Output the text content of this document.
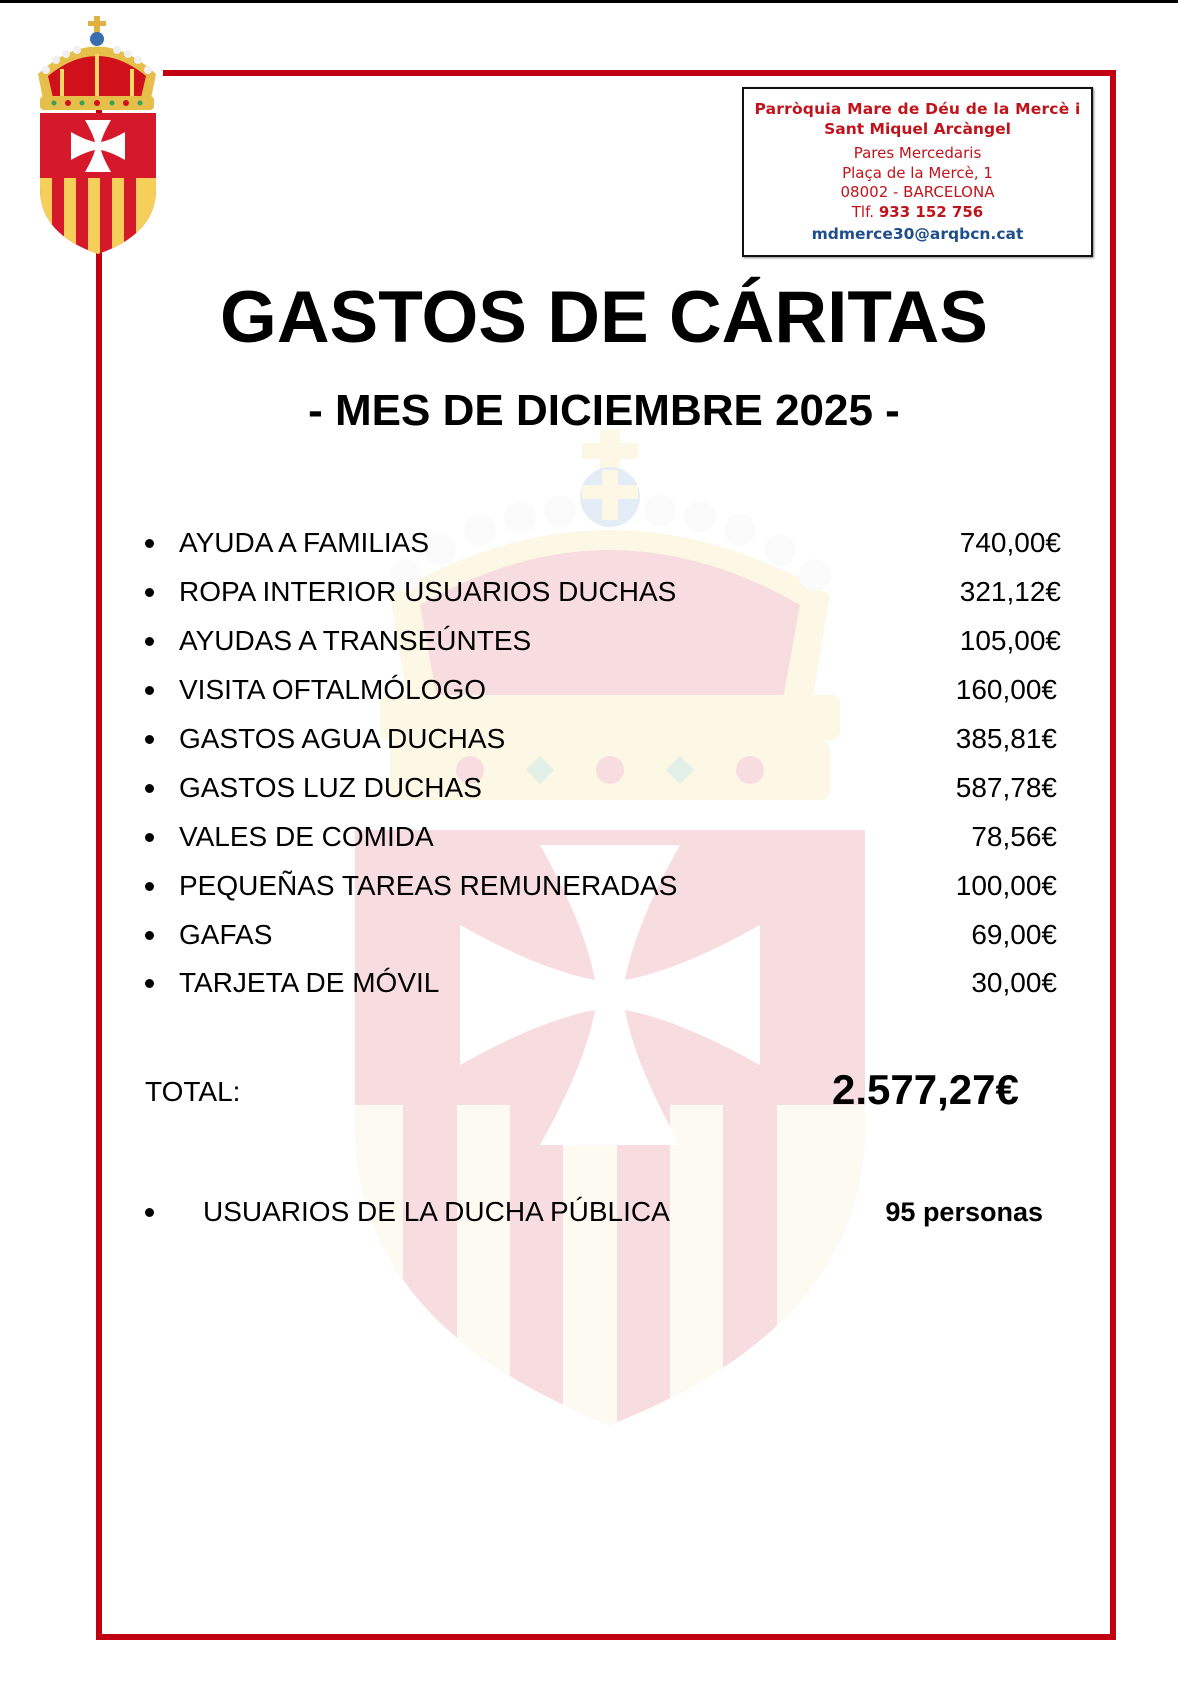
Parròquia Mare de Déu de la Mercè i
Sant Miquel Arcàngel
Pares Mercedaris
Plaça de la Mercè, 1
08002 - BARCELONA
Tlf. 933 152 756
mdmerce30@arqbcn.cat
GASTOS DE CÁRITAS
- MES DE DICIEMBRE 2025 -
AYUDA A FAMILIAS	740,00€
ROPA INTERIOR USUARIOS DUCHAS	321,12€
AYUDAS A TRANSEÚNTES	105,00€
VISITA OFTALMÓLOGO	160,00€
GASTOS AGUA DUCHAS	385,81€
GASTOS LUZ DUCHAS	587,78€
VALES DE COMIDA	78,56€
PEQUEÑAS TAREAS REMUNERADAS	100,00€
GAFAS	69,00€
TARJETA DE MÓVIL	30,00€
TOTAL:	2.577,27€
USUARIOS DE LA DUCHA PÚBLICA	95 personas
